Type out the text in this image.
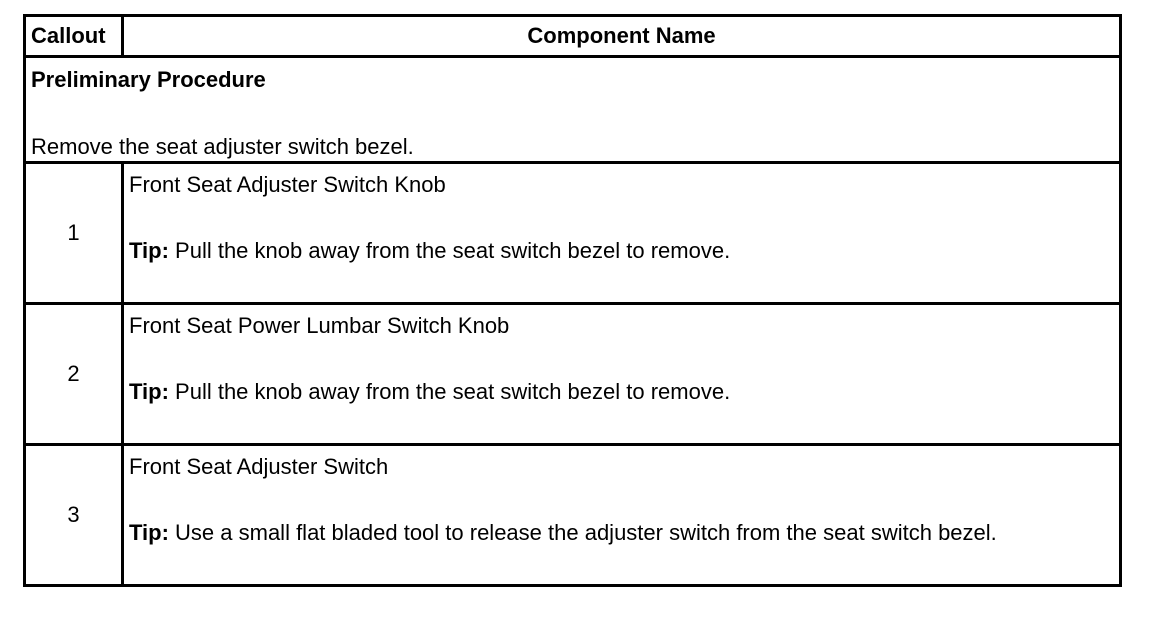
Callout	Component Name

Preliminary Procedure
Remove the seat adjuster switch bezel.	

1	Front Seat Adjuster Switch Knob
Tip: Pull the knob away from the seat switch bezel to remove.

2	Front Seat Power Lumbar Switch Knob
Tip: Pull the knob away from the seat switch bezel to remove.

3	Front Seat Adjuster Switch
Tip: Use a small flat bladed tool to release the adjuster switch from the seat switch bezel.
